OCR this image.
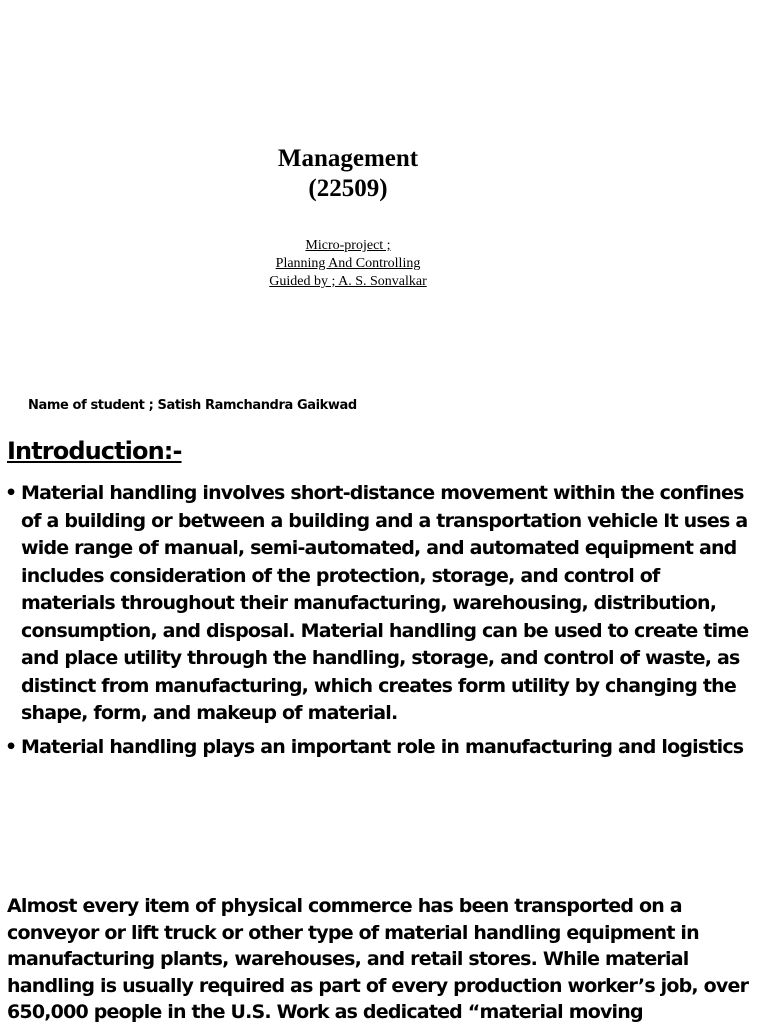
Management
(22509)
Micro-project ;
Planning And Controlling
Guided by ; A. S. Sonvalkar
Name of student ; Satish Ramchandra Gaikwad
Introduction:-
• Material handling involves short-distance movement within the confines of a building or between a building and a transportation vehicle It uses a wide range of manual, semi-automated, and automated equipment and includes consideration of the protection, storage, and control of materials throughout their manufacturing, warehousing, distribution, consumption, and disposal. Material handling can be used to create time and place utility through the handling, storage, and control of waste, as distinct from manufacturing, which creates form utility by changing the shape, form, and makeup of material.
• Material handling plays an important role in manufacturing and logistics

Almost every item of physical commerce has been transported on a conveyor or lift truck or other type of material handling equipment in manufacturing plants, warehouses, and retail stores. While material handling is usually required as part of every production worker’s job, over 650,000 people in the U.S. Work as dedicated “material moving
